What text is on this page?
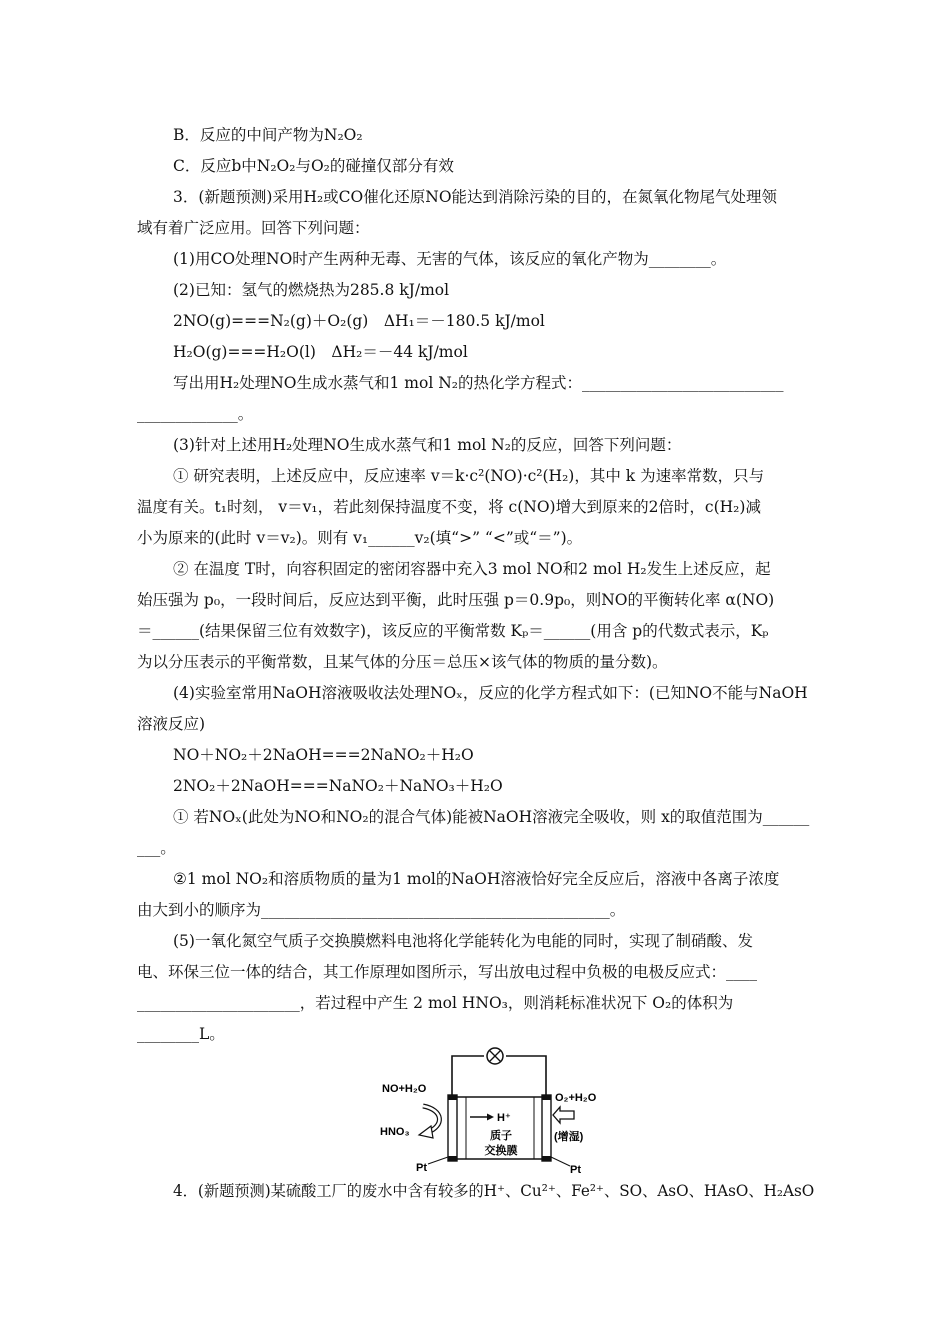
B．反应的中间产物为N₂O₂
C．反应b中N₂O₂与O₂的碰撞仅部分有效
3．(新题预测)采用H₂或CO催化还原NO能达到消除污染的目的，在氮氧化物尾气处理领
域有着广泛应用。回答下列问题：
(1)用CO处理NO时产生两种无毒、无害的气体，该反应的氧化产物为________。
(2)已知：氢气的燃烧热为285.8 kJ/mol
2NO(g)===N₂(g)＋O₂(g)　ΔH₁＝－180.5 kJ/mol
H₂O(g)===H₂O(l)　ΔH₂＝－44 kJ/mol
写出用H₂处理NO生成水蒸气和1 mol N₂的热化学方程式：__________________________
_____________。
(3)针对上述用H₂处理NO生成水蒸气和1 mol N₂的反应，回答下列问题：
① 研究表明，上述反应中，反应速率 v＝k·c²(NO)·c²(H₂)，其中 k 为速率常数，只与
温度有关。t₁时刻， v＝v₁，若此刻保持温度不变，将 c(NO)增大到原来的2倍时，c(H₂)减
小为原来的(此时 v＝v₂)。则有 v₁______v₂(填“>” “<”或“＝”)。
② 在温度 T时，向容积固定的密闭容器中充入3 mol NO和2 mol H₂发生上述反应，起
始压强为 p₀，一段时间后，反应达到平衡，此时压强 p＝0.9p₀，则NO的平衡转化率 α(NO)
＝______(结果保留三位有效数字)，该反应的平衡常数 Kₚ＝______(用含 p的代数式表示，Kₚ
为以分压表示的平衡常数，且某气体的分压＝总压×该气体的物质的量分数)。
(4)实验室常用NaOH溶液吸收法处理NOₓ，反应的化学方程式如下：(已知NO不能与NaOH
溶液反应)
NO＋NO₂＋2NaOH===2NaNO₂＋H₂O
2NO₂＋2NaOH===NaNO₂＋NaNO₃＋H₂O
① 若NOₓ(此处为NO和NO₂的混合气体)能被NaOH溶液完全吸收，则 x的取值范围为______
___。
②1 mol NO₂和溶质物质的量为1 mol的NaOH溶液恰好完全反应后，溶液中各离子浓度
由大到小的顺序为_____________________________________________。
(5)一氧化氮空气质子交换膜燃料电池将化学能转化为电能的同时，实现了制硝酸、发
电、环保三位一体的结合，其工作原理如图所示，写出放电过程中负极的电极反应式：____
_____________________，若过程中产生 2 mol HNO₃，则消耗标准状况下 O₂的体积为
________L。
H⁺
质子
交换膜
NO+H₂O
HNO₃
Pt
O₂+H₂O
(增湿)
Pt
4．(新题预测)某硫酸工厂的废水中含有较多的H⁺、Cu²⁺、Fe²⁺、SO、AsO、HAsO、H₂AsO
